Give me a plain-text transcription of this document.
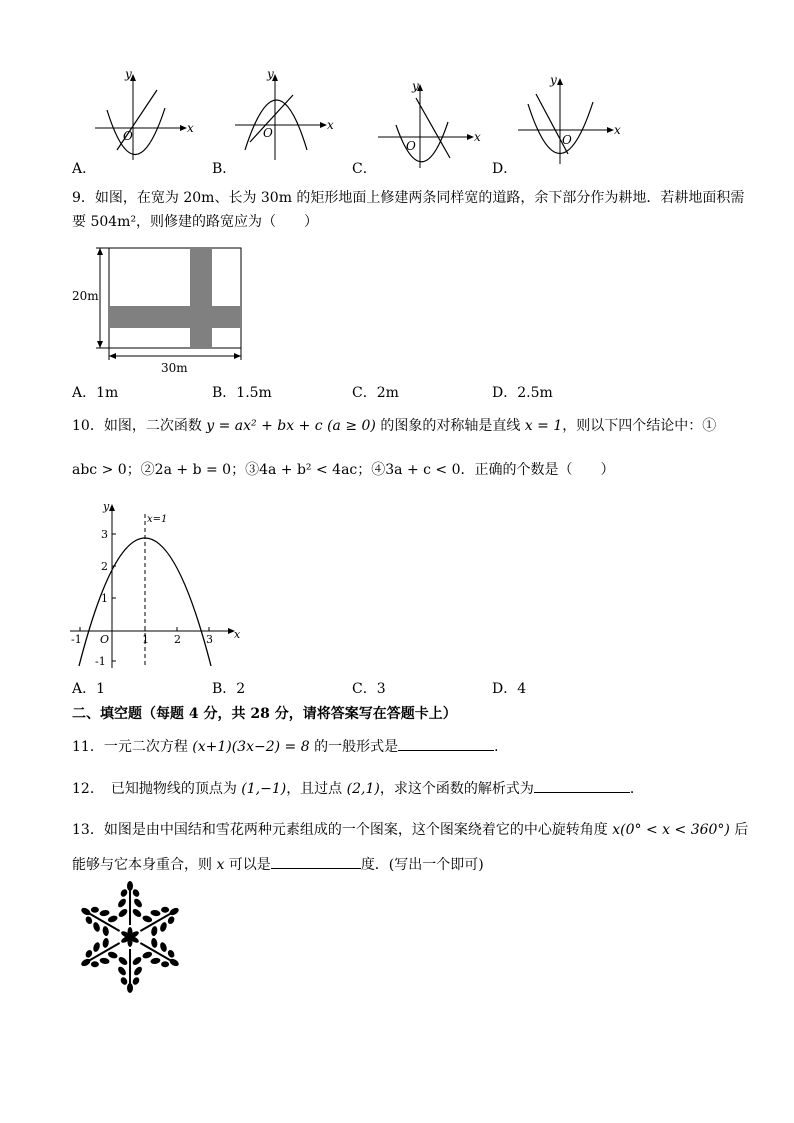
y
x
O
A．
y
x
O
B．
y
x
O
C．
y
x
O
D．
9．如图，在宽为 20m、长为 30m 的矩形地面上修建两条同样宽的道路，余下部分作为耕地．若耕地面积需
要 504m²，则修建的路宽应为（　　）
20m
30m
A．1m	B．1.5m	C．2m	D．2.5m
10．如图，二次函数 y = ax² + bx + c (a ≥ 0) 的图象的对称轴是直线 x = 1，则以下四个结论中：①
abc > 0；②2a + b = 0；③4a + b² < 4ac；④3a + c < 0．正确的个数是（　　）
x=1
y
x
-1 O	1 2 3
3
2
1
-1
A．1	B．2	C．3	D．4
二、填空题（每题 4 分，共 28 分，请将答案写在答题卡上）
11．一元二次方程 (x+1)(3x−2) = 8 的一般形式是	．
12．　已知抛物线的顶点为 (1,−1)，且过点 (2,1)，求这个函数的解析式为	．
13．如图是由中国结和雪花两种元素组成的一个图案，这个图案绕着它的中心旋转角度 x(0° < x < 360°) 后
能够与它本身重合，则 x 可以是	度．(写出一个即可)
